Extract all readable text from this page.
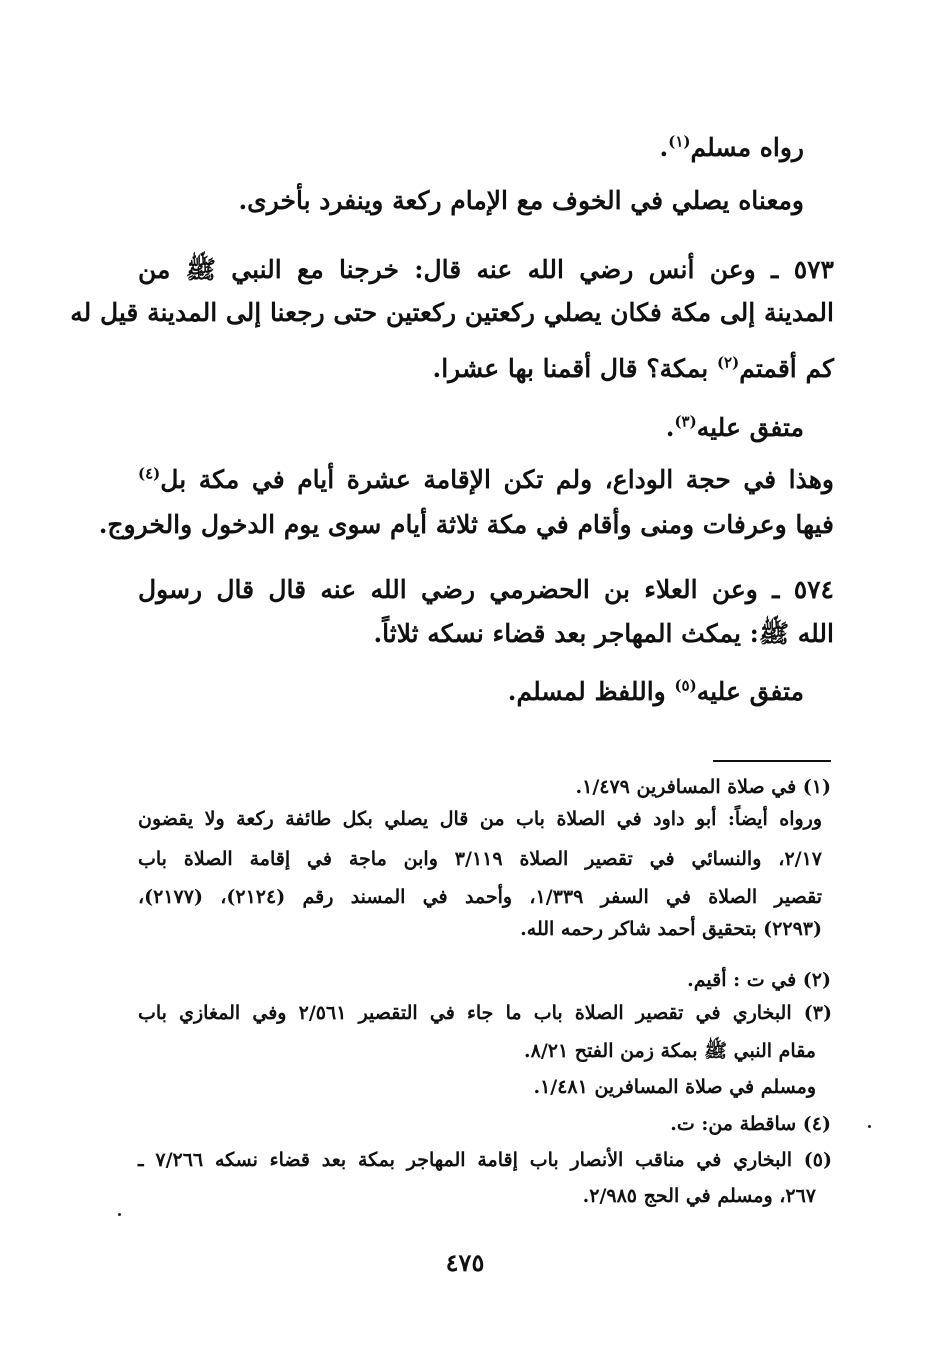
رواه مسلم$^{(١)}$.
ومعناه يصلي في الخوف مع الإمام ركعة وينفرد بأخرى.
٥٧٣ ـ وعن أنس رضي الله عنه قال: خرجنا مع النبي ﷺ من
المدينة إلى مكة فكان يصلي ركعتين ركعتين حتى رجعنا إلى المدينة قيل له
كم أقمتم$^{(٢)}$ بمكة؟ قال أقمنا بها عشرا.
متفق عليه$^{(٣)}$.
وهذا في حجة الوداع، ولم تكن الإقامة عشرة أيام في مكة بل$^{(٤)}$
فيها وعرفات ومنى وأقام في مكة ثلاثة أيام سوى يوم الدخول والخروج.
٥٧٤ ـ وعن العلاء بن الحضرمي رضي الله عنه قال قال رسول
الله ﷺ: يمكث المهاجر بعد قضاء نسكه ثلاثاً.
متفق عليه$^{(٥)}$ واللفظ لمسلم.
(١) في صلاة المسافرين ١/٤٧٩.
ورواه أيضاً: أبو داود في الصلاة باب من قال يصلي بكل طائفة ركعة ولا يقضون
٢/١٧، والنسائي في تقصير الصلاة ٣/١١٩ وابن ماجة في إقامة الصلاة باب
تقصير الصلاة في السفر ١/٣٣٩، وأحمد في المسند رقم (٢١٢٤)، (٢١٧٧)،
(٢٢٩٣) بتحقيق أحمد شاكر رحمه الله.
(٢) في ت : أقيم.
(٣) البخاري في تقصير الصلاة باب ما جاء في التقصير ٢/٥٦١ وفي المغازي باب
مقام النبي ﷺ بمكة زمن الفتح ٨/٢١.
ومسلم في صلاة المسافرين ١/٤٨١.
(٤) ساقطة من: ت.
(٥) البخاري في مناقب الأنصار باب إقامة المهاجر بمكة بعد قضاء نسكه ٧/٢٦٦ ـ
٢٦٧، ومسلم في الحج ٢/٩٨٥.
٤٧٥
